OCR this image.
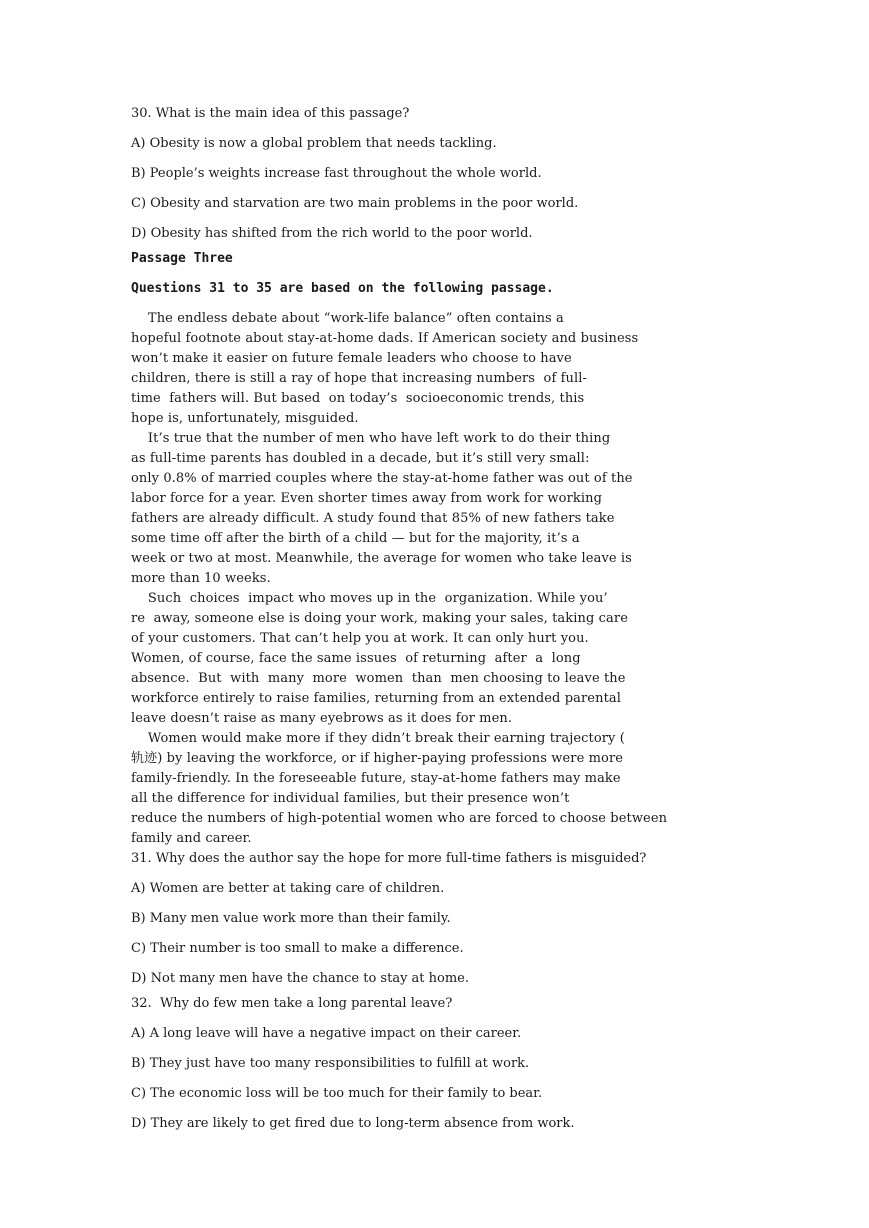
30. What is the main idea of this passage?
A) Obesity is now a global problem that needs tackling.
B) People’s weights increase fast throughout the whole world.
C) Obesity and starvation are two main problems in the poor world.
D) Obesity has shifted from the rich world to the poor world.
Passage Three
Questions 31 to 35 are based on the following passage.
The endless debate about “work-life balance” often contains a
hopeful footnote about stay-at-home dads. If American society and business
won’t make it easier on future female leaders who choose to have
children, there is still a ray of hope that increasing numbers  of full-
time  fathers will. But based  on today’s  socioeconomic trends, this
hope is, unfortunately, misguided.
It’s true that the number of men who have left work to do their thing
as full-time parents has doubled in a decade, but it’s still very small:
only 0.8% of married couples where the stay-at-home father was out of the
labor force for a year. Even shorter times away from work for working
fathers are already difficult. A study found that 85% of new fathers take
some time off after the birth of a child — but for the majority, it’s a
week or two at most. Meanwhile, the average for women who take leave is
more than 10 weeks.
Such  choices  impact who moves up in the  organization. While you’
re  away, someone else is doing your work, making your sales, taking care
of your customers. That can’t help you at work. It can only hurt you.
Women, of course, face the same issues  of returning  after  a  long
absence.  But  with  many  more  women  than  men choosing to leave the
workforce entirely to raise families, returning from an extended parental
leave doesn’t raise as many eyebrows as it does for men.
Women would make more if they didn’t break their earning trajectory (
轨迹) by leaving the workforce, or if higher-paying professions were more
family-friendly. In the foreseeable future, stay-at-home fathers may make
all the difference for individual families, but their presence won’t
reduce the numbers of high-potential women who are forced to choose between
family and career.
31. Why does the author say the hope for more full-time fathers is misguided?
A) Women are better at taking care of children.
B) Many men value work more than their family.
C) Their number is too small to make a difference.
D) Not many men have the chance to stay at home.
32.  Why do few men take a long parental leave?
A) A long leave will have a negative impact on their career.
B) They just have too many responsibilities to fulfill at work.
C) The economic loss will be too much for their family to bear.
D) They are likely to get fired due to long-term absence from work.
